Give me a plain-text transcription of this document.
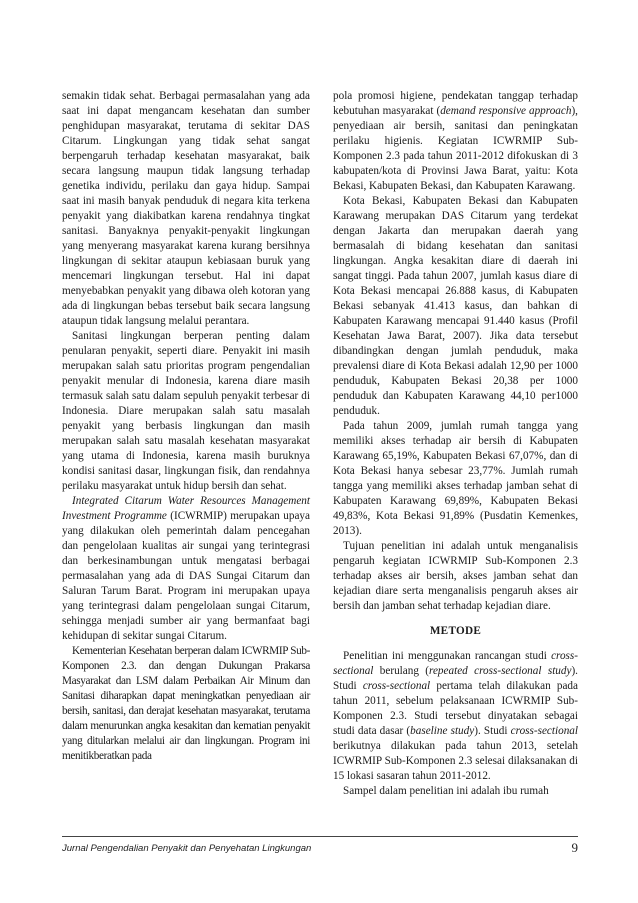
semakin tidak sehat. Berbagai permasalahan yang ada saat ini dapat mengancam kesehatan dan sumber penghidupan masyarakat, terutama di sekitar DAS Citarum. Lingkungan yang tidak sehat sangat berpengaruh terhadap kesehatan masyarakat, baik secara langsung maupun tidak langsung terhadap genetika individu, perilaku dan gaya hidup. Sampai saat ini masih banyak penduduk di negara kita terkena penyakit yang diakibatkan karena rendahnya tingkat sanitasi. Banyaknya penyakit-penyakit lingkungan yang menyerang masyarakat karena kurang bersihnya lingkungan di sekitar ataupun kebiasaan buruk yang mencemari lingkungan tersebut. Hal ini dapat menyebabkan penyakit yang dibawa oleh kotoran yang ada di lingkungan bebas tersebut baik secara langsung ataupun tidak langsung melalui perantara.

Sanitasi lingkungan berperan penting dalam penularan penyakit, seperti diare. Penyakit ini masih merupakan salah satu prioritas program pengendalian penyakit menular di Indonesia, karena diare masih termasuk salah satu dalam sepuluh penyakit terbesar di Indonesia. Diare merupakan salah satu masalah penyakit yang berbasis lingkungan dan masih merupakan salah satu masalah kesehatan masyarakat yang utama di Indonesia, karena masih buruknya kondisi sanitasi dasar, lingkungan fisik, dan rendahnya perilaku masyarakat untuk hidup bersih dan sehat.

Integrated Citarum Water Resources Management Investment Programme (ICWRMIP) merupakan upaya yang dilakukan oleh pemerintah dalam pencegahan dan pengelolaan kualitas air sungai yang terintegrasi dan berkesinambungan untuk mengatasi berbagai permasalahan yang ada di DAS Sungai Citarum dan Saluran Tarum Barat. Program ini merupakan upaya yang terintegrasi dalam pengelolaan sungai Citarum, sehingga menjadi sumber air yang bermanfaat bagi kehidupan di sekitar sungai Citarum.

Kementerian Kesehatan berperan dalam ICWRMIP Sub-Komponen 2.3. dan dengan Dukungan Prakarsa Masyarakat dan LSM dalam Perbaikan Air Minum dan Sanitasi diharapkan dapat meningkatkan penyediaan air bersih, sanitasi, dan derajat kesehatan masyarakat, terutama dalam menurunkan angka kesakitan dan kematian penyakit yang ditularkan melalui air dan lingkungan. Program ini menitikberatkan pada

pola promosi higiene, pendekatan tanggap terhadap kebutuhan masyarakat (demand responsive approach), penyediaan air bersih, sanitasi dan peningkatan perilaku higienis. Kegiatan ICWRMIP Sub-Komponen 2.3 pada tahun 2011-2012 difokuskan di 3 kabupaten/kota di Provinsi Jawa Barat, yaitu: Kota Bekasi, Kabupaten Bekasi, dan Kabupaten Karawang.

Kota Bekasi, Kabupaten Bekasi dan Kabupaten Karawang merupakan DAS Citarum yang terdekat dengan Jakarta dan merupakan daerah yang bermasalah di bidang kesehatan dan sanitasi lingkungan. Angka kesakitan diare di daerah ini sangat tinggi. Pada tahun 2007, jumlah kasus diare di Kota Bekasi mencapai 26.888 kasus, di Kabupaten Bekasi sebanyak 41.413 kasus, dan bahkan di Kabupaten Karawang mencapai 91.440 kasus (Profil Kesehatan Jawa Barat, 2007). Jika data tersebut dibandingkan dengan jumlah penduduk, maka prevalensi diare di Kota Bekasi adalah 12,90 per 1000 penduduk, Kabupaten Bekasi 20,38 per 1000 penduduk dan Kabupaten Karawang 44,10 per1000 penduduk.

Pada tahun 2009, jumlah rumah tangga yang memiliki akses terhadap air bersih di Kabupaten Karawang 65,19%, Kabupaten Bekasi 67,07%, dan di Kota Bekasi hanya sebesar 23,77%. Jumlah rumah tangga yang memiliki akses terhadap jamban sehat di Kabupaten Karawang 69,89%, Kabupaten Bekasi 49,83%, Kota Bekasi 91,89% (Pusdatin Kemenkes, 2013).

Tujuan penelitian ini adalah untuk menganalisis pengaruh kegiatan ICWRMIP Sub-Komponen 2.3 terhadap akses air bersih, akses jamban sehat dan kejadian diare serta menganalisis pengaruh akses air bersih dan jamban sehat terhadap kejadian diare.

METODE

Penelitian ini menggunakan rancangan studi cross-sectional berulang (repeated cross-sectional study). Studi cross-sectional pertama telah dilakukan pada tahun 2011, sebelum pelaksanaan ICWRMIP Sub-Komponen 2.3. Studi tersebut dinyatakan sebagai studi data dasar (baseline study). Studi cross-sectional berikutnya dilakukan pada tahun 2013, setelah ICWRMIP Sub-Komponen 2.3 selesai dilaksanakan di 15 lokasi sasaran tahun 2011-2012.

Sampel dalam penelitian ini adalah ibu rumah

Jurnal Pengendalian Penyakit dan Penyehatan Lingkungan	9
